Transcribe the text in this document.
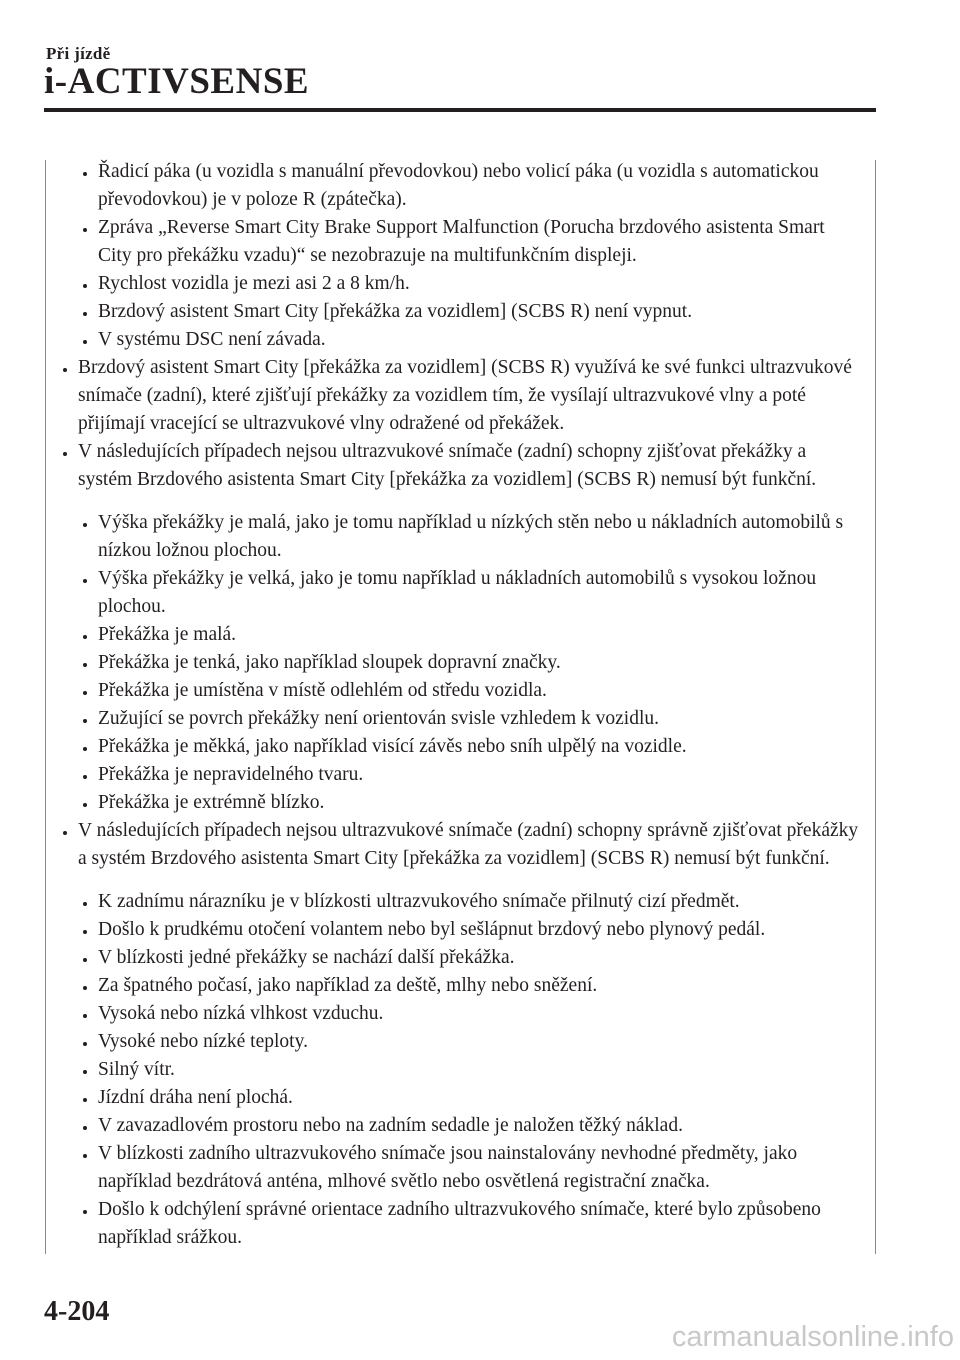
Při jízdě
i-ACTIVSENSE
Řadicí páka (u vozidla s manuální převodovkou) nebo volicí páka (u vozidla s automatickou převodovkou) je v poloze R (zpátečka).
Zpráva „Reverse Smart City Brake Support Malfunction (Porucha brzdového asistenta Smart City pro překážku vzadu)“ se nezobrazuje na multifunkčním displeji.
Rychlost vozidla je mezi asi 2 a 8 km/h.
Brzdový asistent Smart City [překážka za vozidlem] (SCBS R) není vypnut.
V systému DSC není závada.
Brzdový asistent Smart City [překážka za vozidlem] (SCBS R) využívá ke své funkci ultrazvukové snímače (zadní), které zjišťují překážky za vozidlem tím, že vysílají ultrazvukové vlny a poté přijímají vracející se ultrazvukové vlny odražené od překážek.
V následujících případech nejsou ultrazvukové snímače (zadní) schopny zjišťovat překážky a systém Brzdového asistenta Smart City [překážka za vozidlem] (SCBS R) nemusí být funkční.
Výška překážky je malá, jako je tomu například u nízkých stěn nebo u nákladních automobilů s nízkou ložnou plochou.
Výška překážky je velká, jako je tomu například u nákladních automobilů s vysokou ložnou plochou.
Překážka je malá.
Překážka je tenká, jako například sloupek dopravní značky.
Překážka je umístěna v místě odlehlém od středu vozidla.
Zužující se povrch překážky není orientován svisle vzhledem k vozidlu.
Překážka je měkká, jako například visící závěs nebo sníh ulpělý na vozidle.
Překážka je nepravidelného tvaru.
Překážka je extrémně blízko.
V následujících případech nejsou ultrazvukové snímače (zadní) schopny správně zjišťovat překážky a systém Brzdového asistenta Smart City [překážka za vozidlem] (SCBS R) nemusí být funkční.
K zadnímu nárazníku je v blízkosti ultrazvukového snímače přilnutý cizí předmět.
Došlo k prudkému otočení volantem nebo byl sešlápnut brzdový nebo plynový pedál.
V blízkosti jedné překážky se nachází další překážka.
Za špatného počasí, jako například za deště, mlhy nebo sněžení.
Vysoká nebo nízká vlhkost vzduchu.
Vysoké nebo nízké teploty.
Silný vítr.
Jízdní dráha není plochá.
V zavazadlovém prostoru nebo na zadním sedadle je naložen těžký náklad.
V blízkosti zadního ultrazvukového snímače jsou nainstalovány nevhodné předměty, jako například bezdrátová anténa, mlhové světlo nebo osvětlená registrační značka.
Došlo k odchýlení správné orientace zadního ultrazvukového snímače, které bylo způsobeno například srážkou.
4-204
carmanualsonline.info
